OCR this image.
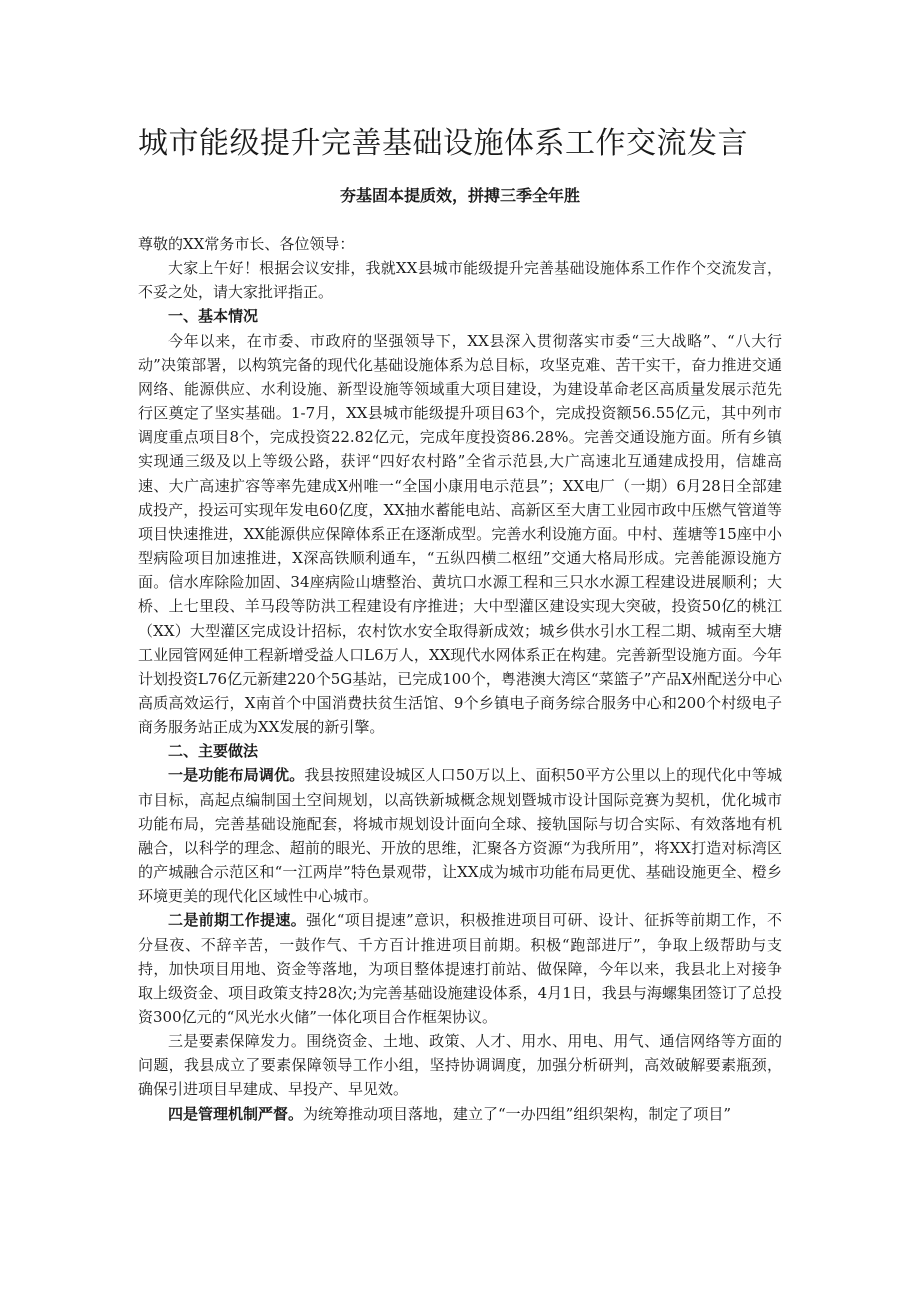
城市能级提升完善基础设施体系工作交流发言
夯基固本提质效，拼搏三季全年胜

尊敬的XX常务市长、各位领导：

大家上午好！根据会议安排，我就XX县城市能级提升完善基础设施体系工作作个交流发言，不妥之处，请大家批评指正。

一、基本情况

今年以来，在市委、市政府的坚强领导下，XX县深入贯彻落实市委“三大战略”、“八大行动”决策部署，以构筑完备的现代化基础设施体系为总目标，攻坚克难、苦干实干，奋力推进交通网络、能源供应、水利设施、新型设施等领域重大项目建设，为建设革命老区高质量发展示范先行区奠定了坚实基础。1-7月，XX县城市能级提升项目63个，完成投资额56.55亿元，其中列市调度重点项目8个，完成投资22.82亿元，完成年度投资86.28%。完善交通设施方面。所有乡镇实现通三级及以上等级公路，获评“四好农村路”全省示范县,大广高速北互通建成投用，信雄高速、大广高速扩容等率先建成X州唯一“全国小康用电示范县”；XX电厂（一期）6月28日全部建成投产，投运可实现年发电60亿度，XX抽水蓄能电站、高新区至大唐工业园市政中压燃气管道等项目快速推进，XX能源供应保障体系正在逐渐成型。完善水利设施方面。中村、莲塘等15座中小型病险项目加速推进，X深高铁顺利通车，“五纵四横二枢纽”交通大格局形成。完善能源设施方面。信水库除险加固、34座病险山塘整治、黄坑口水源工程和三只水水源工程建设进展顺利；大桥、上七里段、羊马段等防洪工程建设有序推进；大中型灌区建设实现大突破，投资50亿的桃江（XX）大型灌区完成设计招标，农村饮水安全取得新成效；城乡供水引水工程二期、城南至大塘工业园管网延伸工程新增受益人口L6万人，XX现代水网体系正在构建。完善新型设施方面。今年计划投资L76亿元新建220个5G基站，已完成100个，粤港澳大湾区“菜篮子”产品X州配送分中心高质高效运行，X南首个中国消费扶贫生活馆、9个乡镇电子商务综合服务中心和200个村级电子商务服务站正成为XX发展的新引擎。

二、主要做法

一是功能布局调优。我县按照建设城区人口50万以上、面积50平方公里以上的现代化中等城市目标，高起点编制国土空间规划，以高铁新城概念规划暨城市设计国际竞赛为契机，优化城市功能布局，完善基础设施配套，将城市规划设计面向全球、接轨国际与切合实际、有效落地有机融合，以科学的理念、超前的眼光、开放的思维，汇聚各方资源“为我所用”，将XX打造对标湾区的产城融合示范区和“一江两岸”特色景观带，让XX成为城市功能布局更优、基础设施更全、橙乡环境更美的现代化区域性中心城市。

二是前期工作提速。强化“项目提速”意识，积极推进项目可研、设计、征拆等前期工作，不分昼夜、不辞辛苦，一鼓作气、千方百计推进项目前期。积极“跑部进厅”，争取上级帮助与支持，加快项目用地、资金等落地，为项目整体提速打前站、做保障，今年以来，我县北上对接争取上级资金、项目政策支持28次;为完善基础设施建设体系，4月1日，我县与海螺集团签订了总投资300亿元的“风光水火储”一体化项目合作框架协议。

三是要素保障发力。围绕资金、土地、政策、人才、用水、用电、用气、通信网络等方面的问题，我县成立了要素保障领导工作小组，坚持协调调度，加强分析研判，高效破解要素瓶颈，确保引进项目早建成、早投产、早见效。

四是管理机制严督。为统筹推动项目落地，建立了“一办四组”组织架构，制定了项目”
